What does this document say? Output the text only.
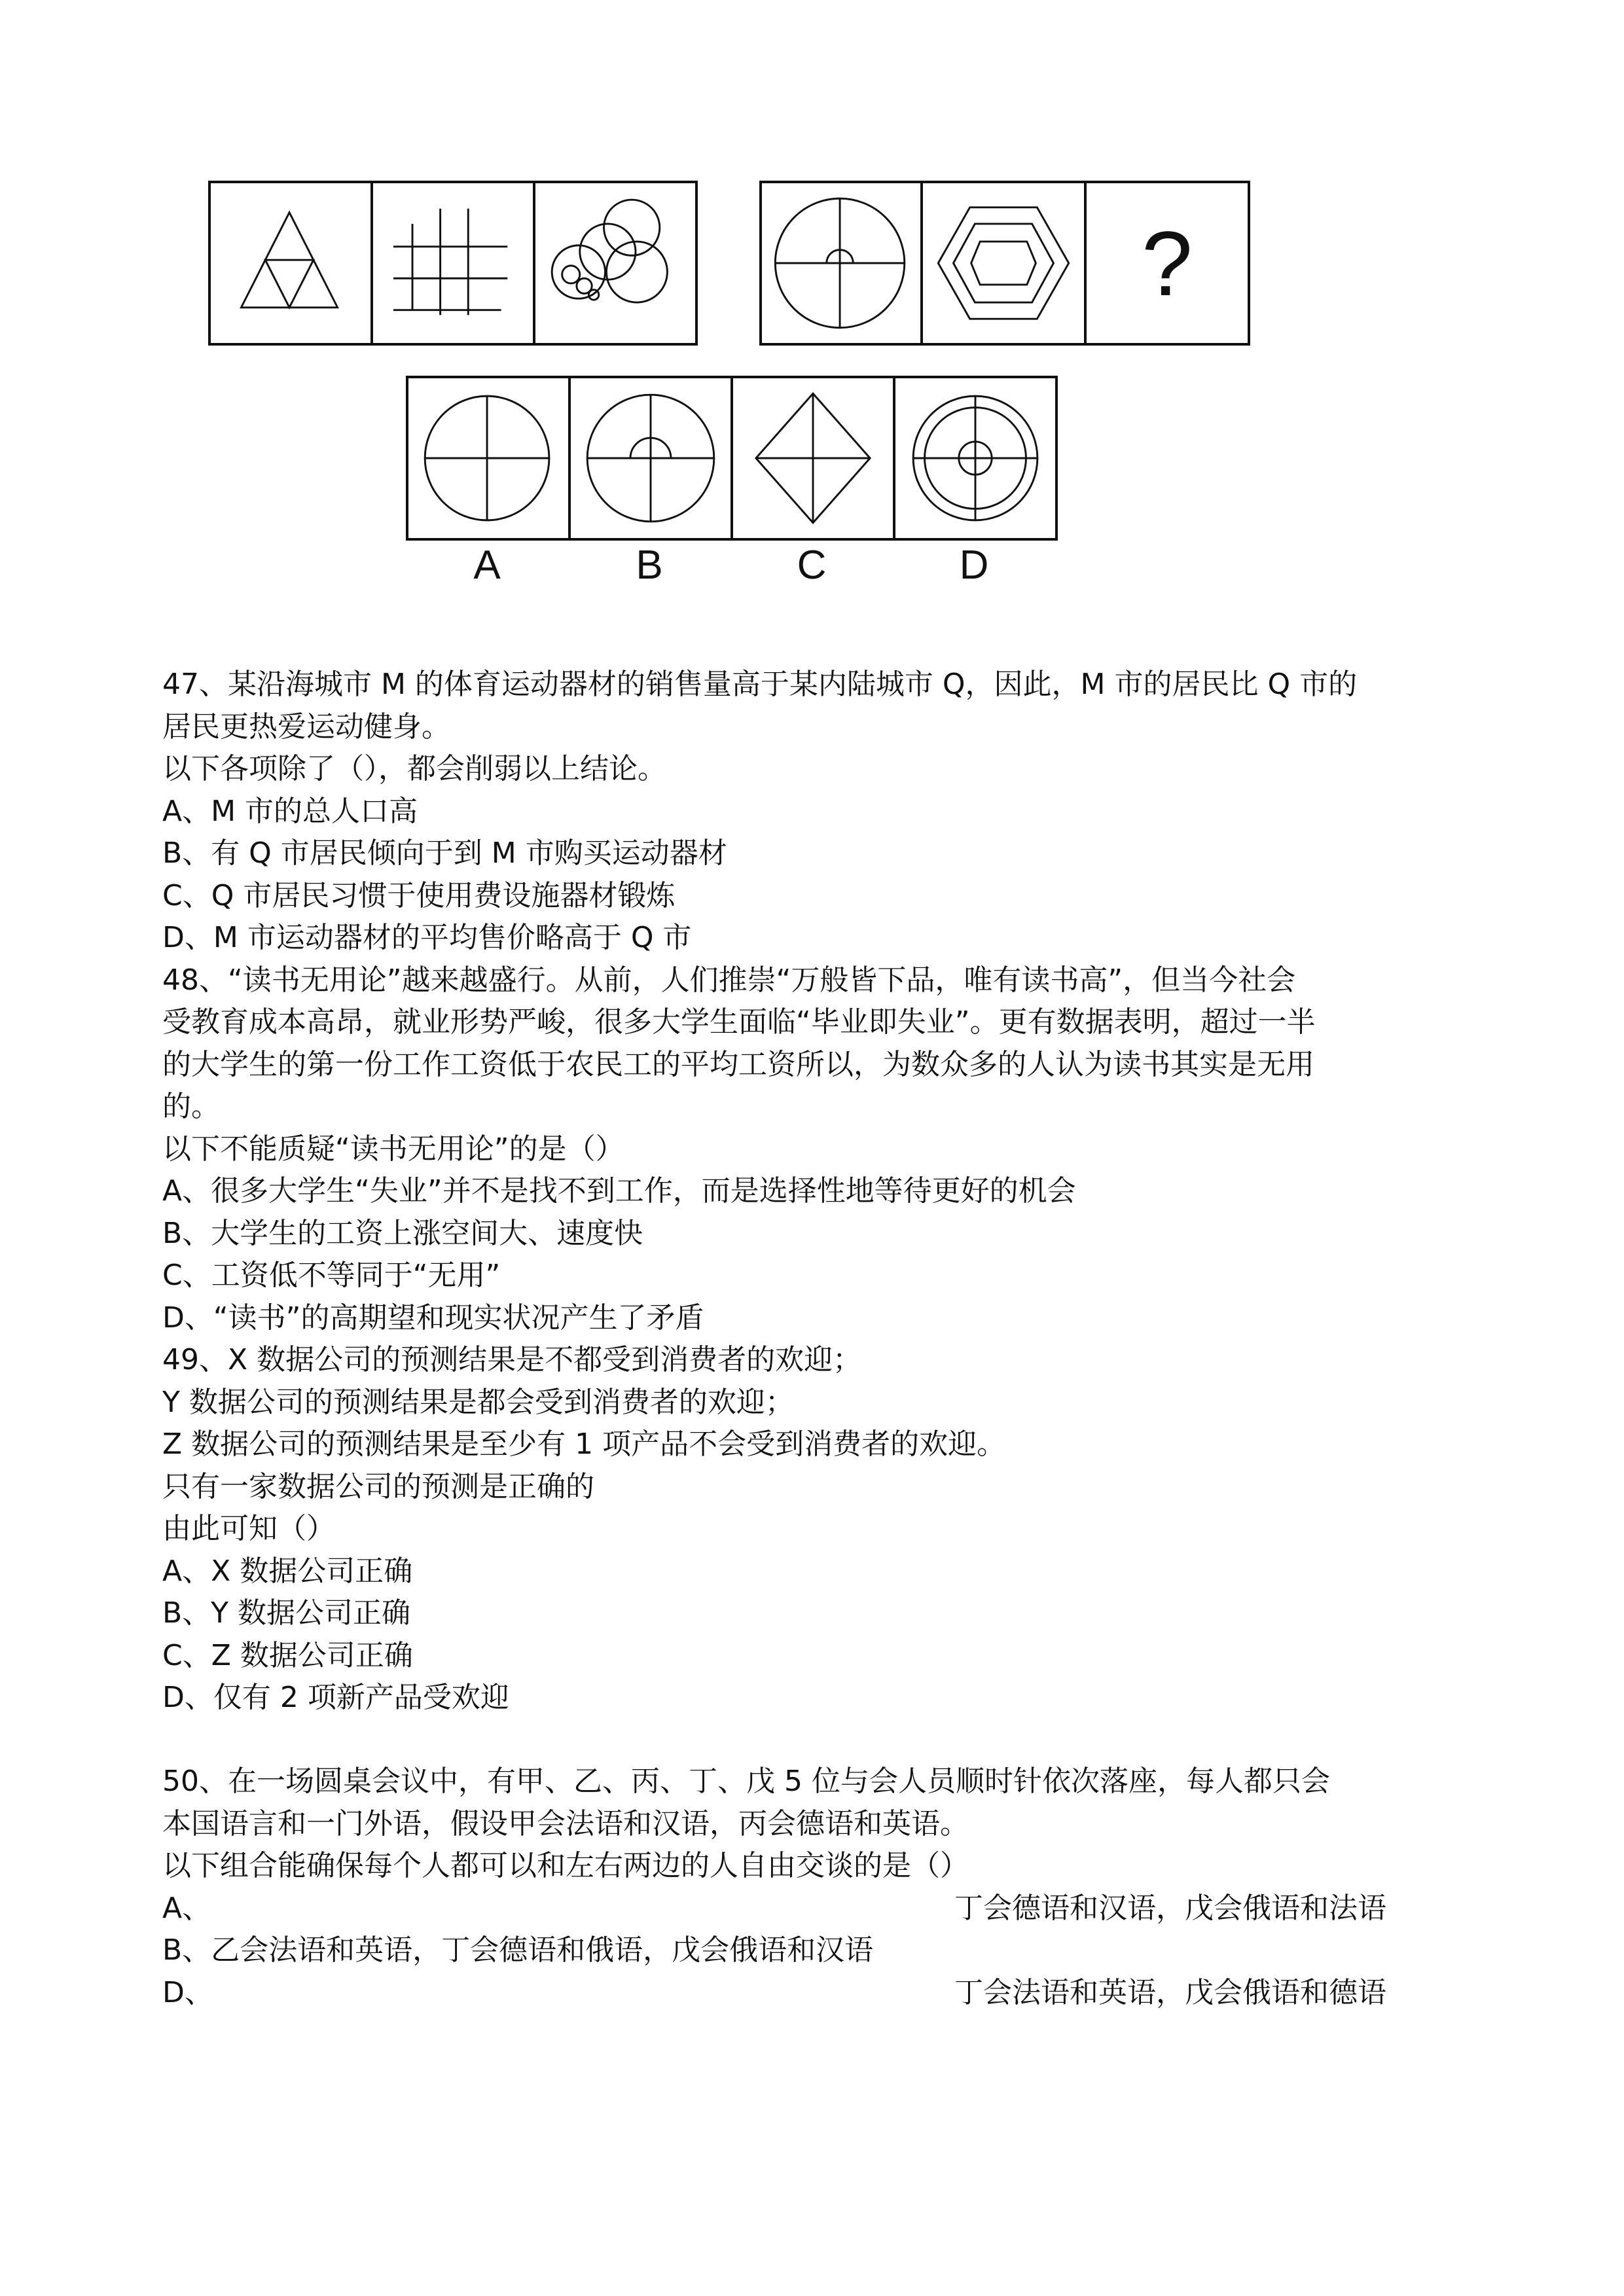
?
A	B	C	D

47、某沿海城市 M 的体育运动器材的销售量高于某内陆城市 Q，因此，M 市的居民比 Q 市的

居民更热爱运动健身。

以下各项除了（），都会削弱以上结论。

A、M 市的总人口高

B、有 Q 市居民倾向于到 M 市购买运动器材

C、Q 市居民习惯于使用费设施器材锻炼

D、M 市运动器材的平均售价略高于 Q 市

48、“读书无用论”越来越盛行。从前，人们推崇“万般皆下品，唯有读书高”，但当今社会

受教育成本高昂，就业形势严峻，很多大学生面临“毕业即失业”。更有数据表明，超过一半

的大学生的第一份工作工资低于农民工的平均工资所以，为数众多的人认为读书其实是无用

的。

以下不能质疑“读书无用论”的是（）

A、很多大学生“失业”并不是找不到工作，而是选择性地等待更好的机会

B、大学生的工资上涨空间大、速度快

C、工资低不等同于“无用”

D、“读书”的高期望和现实状况产生了矛盾

49、X 数据公司的预测结果是不都受到消费者的欢迎；

Y 数据公司的预测结果是都会受到消费者的欢迎；

Z 数据公司的预测结果是至少有 1 项产品不会受到消费者的欢迎。

只有一家数据公司的预测是正确的

由此可知（）

A、X 数据公司正确

B、Y 数据公司正确

C、Z 数据公司正确

D、仅有 2 项新产品受欢迎

50、在一场圆桌会议中，有甲、乙、丙、丁、戊 5 位与会人员顺时针依次落座，每人都只会

本国语言和一门外语，假设甲会法语和汉语，丙会德语和英语。

以下组合能确保每个人都可以和左右两边的人自由交谈的是（）

A、	丁会德语和汉语，戊会俄语和法语

B、乙会法语和英语，丁会德语和俄语，戊会俄语和汉语

D、	丁会法语和英语，戊会俄语和德语
